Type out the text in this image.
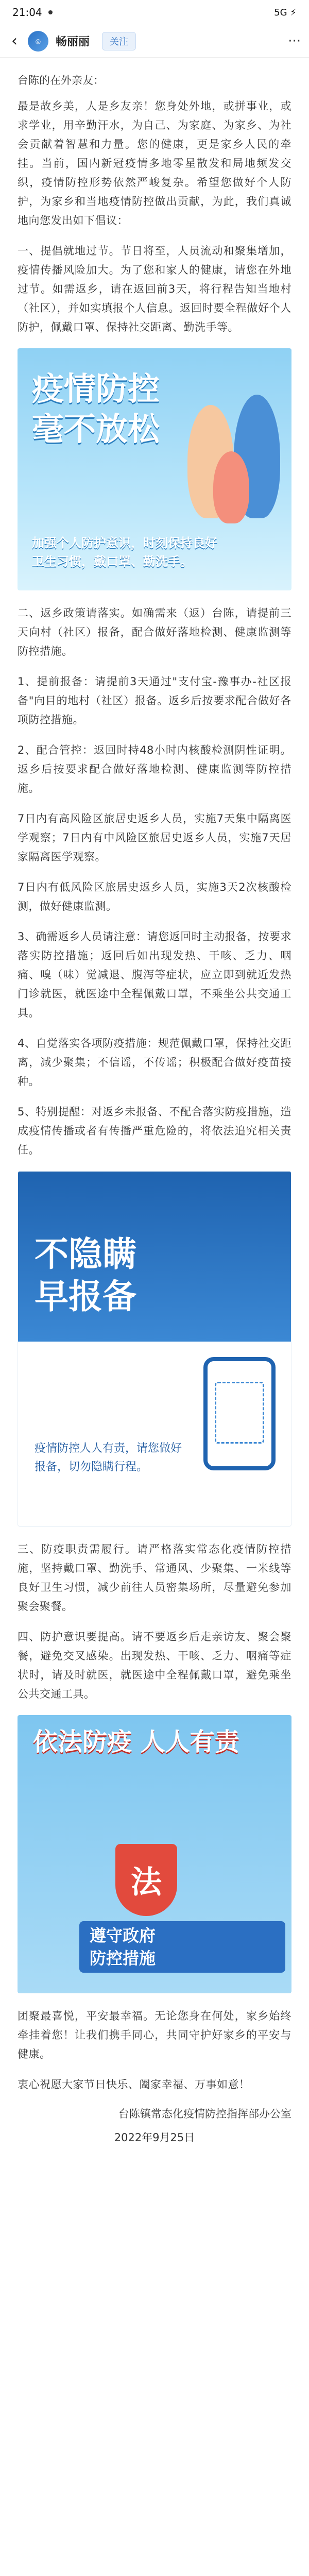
21:04	5G ⚡
‹	◎	畅丽丽	关注	···
台陈的在外亲友：
最是故乡美，人是乡友亲！您身处外地，或拼事业，或求学业，用辛勤汗水，为自己、为家庭、为家乡、为社会贡献着智慧和力量。您的健康，更是家乡人民的牵挂。当前，国内新冠疫情多地零星散发和局地频发交织，疫情防控形势依然严峻复杂。希望您做好个人防护，为家乡和当地疫情防控做出贡献，为此，我们真诚地向您发出如下倡议：
一、提倡就地过节。节日将至，人员流动和聚集增加，疫情传播风险加大。为了您和家人的健康，请您在外地过节。如需返乡，请在返回前3天，将行程告知当地村（社区），并如实填报个人信息。返回时要全程做好个人防护，佩戴口罩、保持社交距离、勤洗手等。
疫情防控
毫不放松
加强个人防护意识，时刻保持良好
卫生习惯，戴口罩、勤洗手。
二、返乡政策请落实。如确需来（返）台陈，请提前三天向村（社区）报备，配合做好落地检测、健康监测等防控措施。
1、提前报备：请提前3天通过"支付宝-豫事办-社区报备"向目的地村（社区）报备。返乡后按要求配合做好各项防控措施。
2、配合管控：返回时持48小时内核酸检测阴性证明。返乡后按要求配合做好落地检测、健康监测等防控措施。
7日内有高风险区旅居史返乡人员，实施7天集中隔离医学观察；7日内有中风险区旅居史返乡人员，实施7天居家隔离医学观察。
7日内有低风险区旅居史返乡人员，实施3天2次核酸检测，做好健康监测。
3、确需返乡人员请注意：请您返回时主动报备，按要求落实防控措施；返回后如出现发热、干咳、乏力、咽痛、嗅（味）觉减退、腹泻等症状，应立即到就近发热门诊就医，就医途中全程佩戴口罩，不乘坐公共交通工具。
4、自觉落实各项防疫措施：规范佩戴口罩，保持社交距离，减少聚集；不信谣，不传谣；积极配合做好疫苗接种。
5、特别提醒：对返乡未报备、不配合落实防疫措施，造成疫情传播或者有传播严重危险的，将依法追究相关责任。
不隐瞒
早报备
疫情防控人人有责，请您做好报备，切勿隐瞒行程。
三、防疫职责需履行。请严格落实常态化疫情防控措施，坚持戴口罩、勤洗手、常通风、少聚集、一米线等良好卫生习惯，减少前往人员密集场所，尽量避免参加聚会聚餐。
四、防护意识要提高。请不要返乡后走亲访友、聚会聚餐，避免交叉感染。出现发热、干咳、乏力、咽痛等症状时，请及时就医，就医途中全程佩戴口罩，避免乘坐公共交通工具。
依法防疫 人人有责
法
遵守政府
防控措施
团聚最喜悦，平安最幸福。无论您身在何处，家乡始终牵挂着您！让我们携手同心，共同守护好家乡的平安与健康。
衷心祝愿大家节日快乐、阖家幸福、万事如意！
台陈镇常态化疫情防控指挥部办公室
2022年9月25日
